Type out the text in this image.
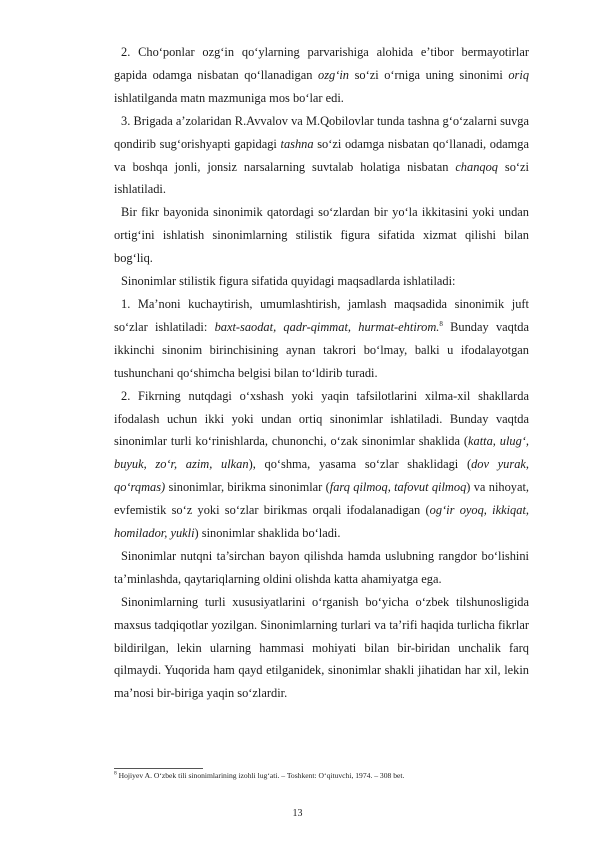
2. Cho‘ponlar ozg‘in qo‘ylarning parvarishiga alohida e’tibor bermayotirlar gapida odamga nisbatan qo‘llanadigan ozg‘in so‘zi o‘rniga uning sinonimi oriq ishlatilganda matn mazmuniga mos bo‘lar edi.

3. Brigada a’zolaridan R.Avvalov va M.Qobilovlar tunda tashna g‘o‘zalarni suvga qondirib sug‘orishyapti gapidagi tashna so‘zi odamga nisbatan qo‘llanadi, odamga va boshqa jonli, jonsiz narsalarning suvtalab holatiga nisbatan chanqoq so‘zi ishlatiladi.

Bir fikr bayonida sinonimik qatordagi so‘zlardan bir yo‘la ikkitasini yoki undan ortig‘ini ishlatish sinonimlarning stilistik figura sifatida xizmat qilishi bilan bog‘liq.

Sinonimlar stilistik figura sifatida quyidagi maqsadlarda ishlatiladi:

1. Ma’noni kuchaytirish, umumlashtirish, jamlash maqsadida sinonimik juft so‘zlar ishlatiladi: baxt-saodat, qadr-qimmat, hurmat-ehtirom.$^8$ Bunday vaqtda ikkinchi sinonim birinchisining aynan takrori bo‘lmay, balki u ifodalayotgan tushunchani qo‘shimcha belgisi bilan to‘ldirib turadi.

2. Fikrning nutqdagi o‘xshash yoki yaqin tafsilotlarini xilma-xil shakllarda ifodalash uchun ikki yoki undan ortiq sinonimlar ishlatiladi. Bunday vaqtda sinonimlar turli ko‘rinishlarda, chunonchi, o‘zak sinonimlar shaklida (katta, ulug‘, buyuk, zo‘r, azim, ulkan), qo‘shma, yasama so‘zlar shaklidagi (dov yurak, qo‘rqmas) sinonimlar, birikma sinonimlar (farq qilmoq, tafovut qilmoq) va nihoyat, evfemistik so‘z yoki so‘zlar birikmas orqali ifodalanadigan (og‘ir oyoq, ikkiqat, homilador, yukli) sinonimlar shaklida bo‘ladi.

Sinonimlar nutqni ta’sirchan bayon qilishda hamda uslubning rangdor bo‘lishini ta’minlashda, qaytariqlarning oldini olishda katta ahamiyatga ega.

Sinonimlarning turli xususiyatlarini o‘rganish bo‘yicha o‘zbek tilshunosligida maxsus tadqiqotlar yozilgan. Sinonimlarning turlari va ta’rifi haqida turlicha fikrlar bildirilgan, lekin ularning hammasi mohiyati bilan bir-biridan unchalik farq qilmaydi. Yuqorida ham qayd etilganidek, sinonimlar shakli jihatidan har xil, lekin ma’nosi bir-biriga yaqin so‘zlardir.

$^8$ Hojiyev A. O‘zbek tili sinonimlarining izohli lug‘ati. – Toshkent: O‘qituvchi, 1974. – 308 bet.
13
